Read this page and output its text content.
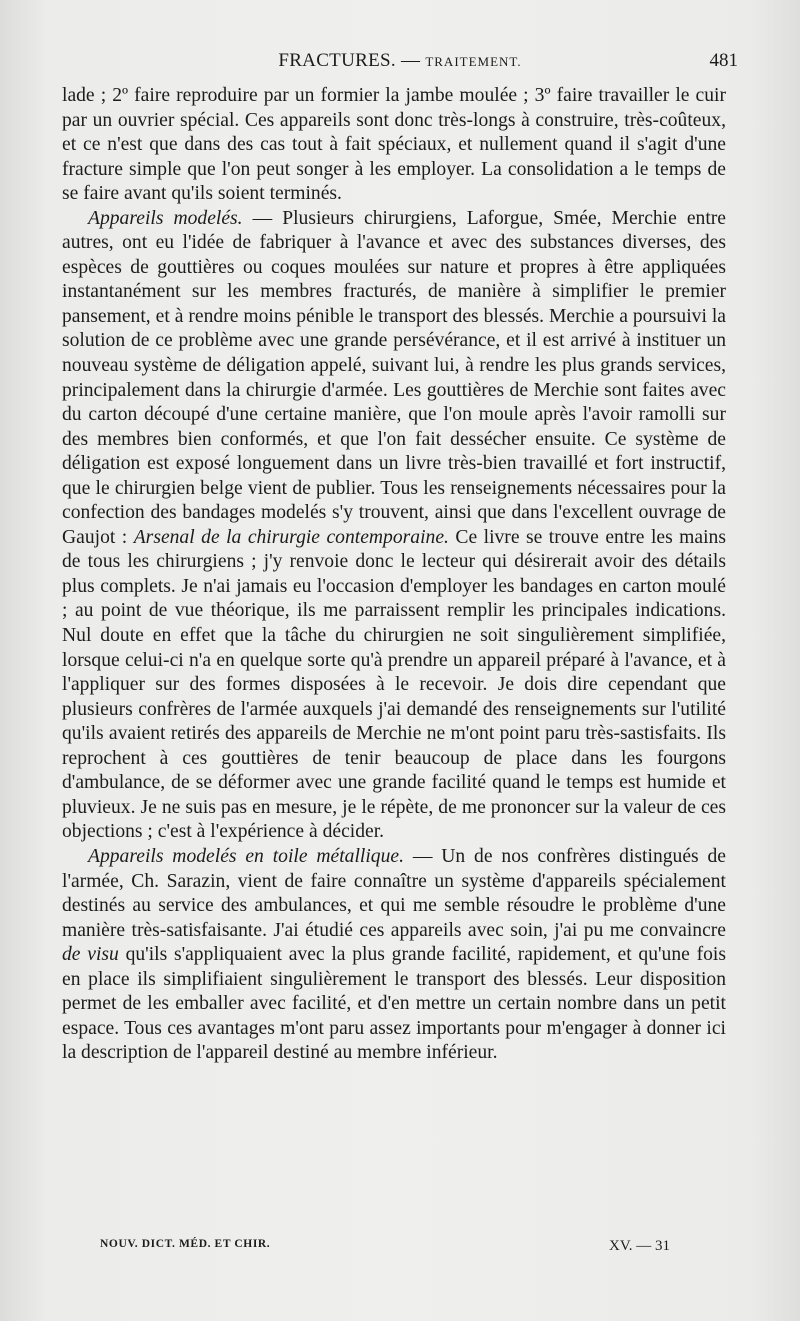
FRACTURES. — TRAITEMENT.	481

lade ; 2º faire reproduire par un formier la jambe moulée ; 3º faire travailler le cuir par un ouvrier spécial. Ces appareils sont donc très-longs à construire, très-coûteux, et ce n'est que dans des cas tout à fait spéciaux, et nullement quand il s'agit d'une fracture simple que l'on peut songer à les employer. La consolidation a le temps de se faire avant qu'ils soient terminés.

Appareils modelés. — Plusieurs chirurgiens, Laforgue, Smée, Merchie entre autres, ont eu l'idée de fabriquer à l'avance et avec des substances diverses, des espèces de gouttières ou coques moulées sur nature et propres à être appliquées instantanément sur les membres fracturés, de manière à simplifier le premier pansement, et à rendre moins pénible le transport des blessés. Merchie a poursuivi la solution de ce problème avec une grande persévérance, et il est arrivé à instituer un nouveau système de déligation appelé, suivant lui, à rendre les plus grands services, principalement dans la chirurgie d'armée. Les gouttières de Merchie sont faites avec du carton découpé d'une certaine manière, que l'on moule après l'avoir ramolli sur des membres bien conformés, et que l'on fait dessécher ensuite. Ce système de déligation est exposé longuement dans un livre très-bien travaillé et fort instructif, que le chirurgien belge vient de publier. Tous les renseignements nécessaires pour la confection des bandages modelés s'y trouvent, ainsi que dans l'excellent ouvrage de Gaujot : Arsenal de la chirurgie contemporaine. Ce livre se trouve entre les mains de tous les chirurgiens ; j'y renvoie donc le lecteur qui désirerait avoir des détails plus complets. Je n'ai jamais eu l'occasion d'employer les bandages en carton moulé ; au point de vue théorique, ils me parraissent remplir les principales indications. Nul doute en effet que la tâche du chirurgien ne soit singulièrement simplifiée, lorsque celui-ci n'a en quelque sorte qu'à prendre un appareil préparé à l'avance, et à l'appliquer sur des formes disposées à le recevoir. Je dois dire cependant que plusieurs confrères de l'armée auxquels j'ai demandé des renseignements sur l'utilité qu'ils avaient retirés des appareils de Merchie ne m'ont point paru très-sastisfaits. Ils reprochent à ces gouttières de tenir beaucoup de place dans les fourgons d'ambulance, de se déformer avec une grande facilité quand le temps est humide et pluvieux. Je ne suis pas en mesure, je le répète, de me prononcer sur la valeur de ces objections ; c'est à l'expérience à décider.

Appareils modelés en toile métallique. — Un de nos confrères distingués de l'armée, Ch. Sarazin, vient de faire connaître un système d'appareils spécialement destinés au service des ambulances, et qui me semble résoudre le problème d'une manière très-satisfaisante. J'ai étudié ces appareils avec soin, j'ai pu me convaincre de visu qu'ils s'appliquaient avec la plus grande facilité, rapidement, et qu'une fois en place ils simplifiaient singulièrement le transport des blessés. Leur disposition permet de les emballer avec facilité, et d'en mettre un certain nombre dans un petit espace. Tous ces avantages m'ont paru assez importants pour m'engager à donner ici la description de l'appareil destiné au membre inférieur.

NOUV. DICT. MÉD. ET CHIR.	XV. — 31
